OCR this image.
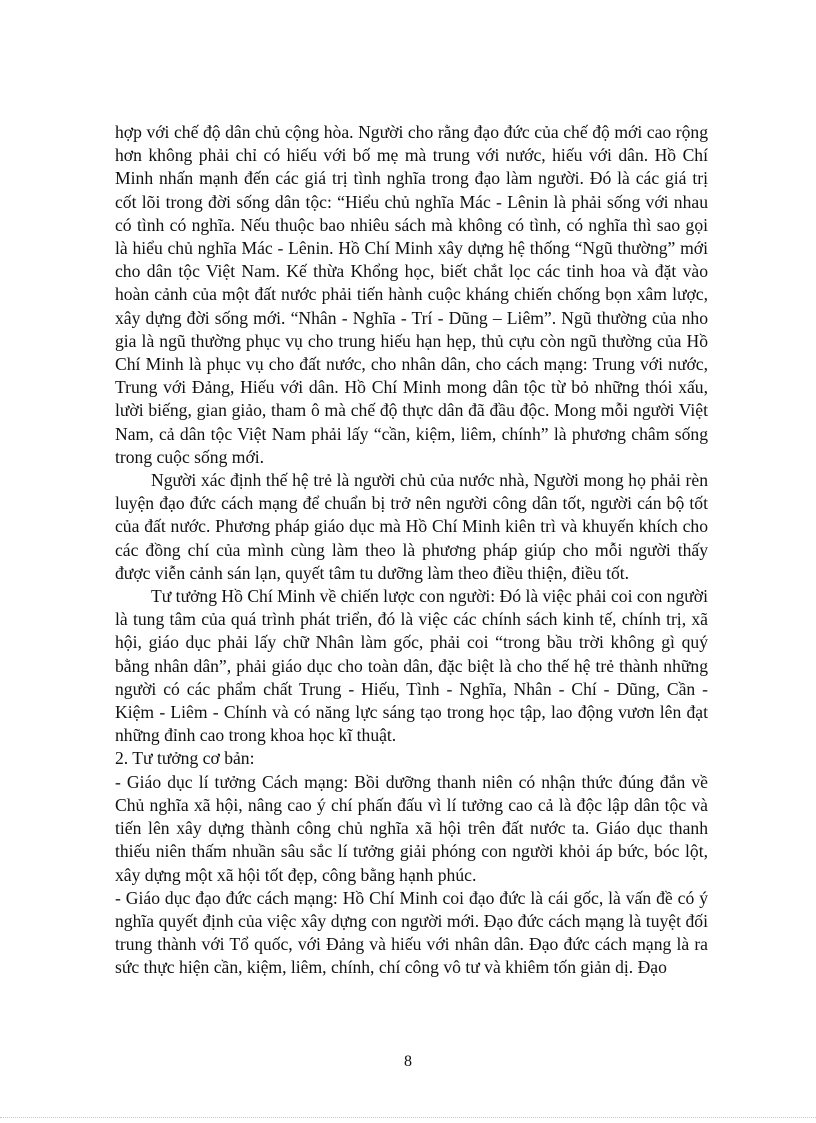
hợp với chế độ dân chủ cộng hòa. Người cho rằng đạo đức của chế độ mới cao rộng hơn không phải chỉ có hiếu với bố mẹ mà trung với nước, hiếu với dân. Hồ Chí Minh nhấn mạnh đến các giá trị tình nghĩa trong đạo làm người. Đó là các giá trị cốt lõi trong đời sống dân tộc: “Hiểu chủ nghĩa Mác - Lênin là phải sống với nhau có tình có nghĩa. Nếu thuộc bao nhiêu sách mà không có tình, có nghĩa thì sao gọi là hiểu chủ nghĩa Mác - Lênin. Hồ Chí Minh xây dựng hệ thống “Ngũ thường” mới cho dân tộc Việt Nam. Kế thừa Khổng học, biết chắt lọc các tinh hoa và đặt vào hoàn cảnh của một đất nước phải tiến hành cuộc kháng chiến chống bọn xâm lược, xây dựng đời sống mới. “Nhân - Nghĩa - Trí - Dũng – Liêm”. Ngũ thường của nho gia là ngũ thường phục vụ cho trung hiếu hạn hẹp, thủ cựu còn ngũ thường của Hồ Chí Minh là phục vụ cho đất nước, cho nhân dân, cho cách mạng: Trung với nước, Trung với Đảng, Hiếu với dân. Hồ Chí Minh mong dân tộc từ bỏ những thói xấu, lười biếng, gian giảo, tham ô mà chế độ thực dân đã đầu độc. Mong mỗi người Việt Nam, cả dân tộc Việt Nam phải lấy “cần, kiệm, liêm, chính” là phương châm sống trong cuộc sống mới.

Người xác định thế hệ trẻ là người chủ của nước nhà, Người mong họ phải rèn luyện đạo đức cách mạng để chuẩn bị trở nên người công dân tốt, người cán bộ tốt của đất nước. Phương pháp giáo dục mà Hồ Chí Minh kiên trì và khuyến khích cho các đồng chí của mình cùng làm theo là phương pháp giúp cho mỗi người thấy được viễn cảnh sán lạn, quyết tâm tu dưỡng làm theo điều thiện, điều tốt.

Tư tưởng Hồ Chí Minh về chiến lược con người: Đó là việc phải coi con người là tung tâm của quá trình phát triển, đó là việc các chính sách kinh tế, chính trị, xã hội, giáo dục phải lấy chữ Nhân làm gốc, phải coi “trong bầu trời không gì quý bằng nhân dân”, phải giáo dục cho toàn dân, đặc biệt là cho thế hệ trẻ thành những người có các phẩm chất Trung - Hiếu, Tình - Nghĩa, Nhân - Chí - Dũng, Cần - Kiệm - Liêm - Chính và có năng lực sáng tạo trong học tập, lao động vươn lên đạt những đỉnh cao trong khoa học kĩ thuật.

2. Tư tưởng cơ bản:

- Giáo dục lí tưởng Cách mạng: Bồi dưỡng thanh niên có nhận thức đúng đắn về Chủ nghĩa xã hội, nâng cao ý chí phấn đấu vì lí tưởng cao cả là độc lập dân tộc và tiến lên xây dựng thành công chủ nghĩa xã hội trên đất nước ta. Giáo dục thanh thiếu niên thấm nhuần sâu sắc lí tưởng giải phóng con người khỏi áp bức, bóc lột, xây dựng một xã hội tốt đẹp, công bằng hạnh phúc.

- Giáo dục đạo đức cách mạng: Hồ Chí Minh coi đạo đức là cái gốc, là vấn đề có ý nghĩa quyết định của việc xây dựng con người mới. Đạo đức cách mạng là tuyệt đối trung thành với Tổ quốc, với Đảng và hiếu với nhân dân. Đạo đức cách mạng là ra sức thực hiện cần, kiệm, liêm, chính, chí công vô tư và khiêm tốn giản dị. Đạo

8
